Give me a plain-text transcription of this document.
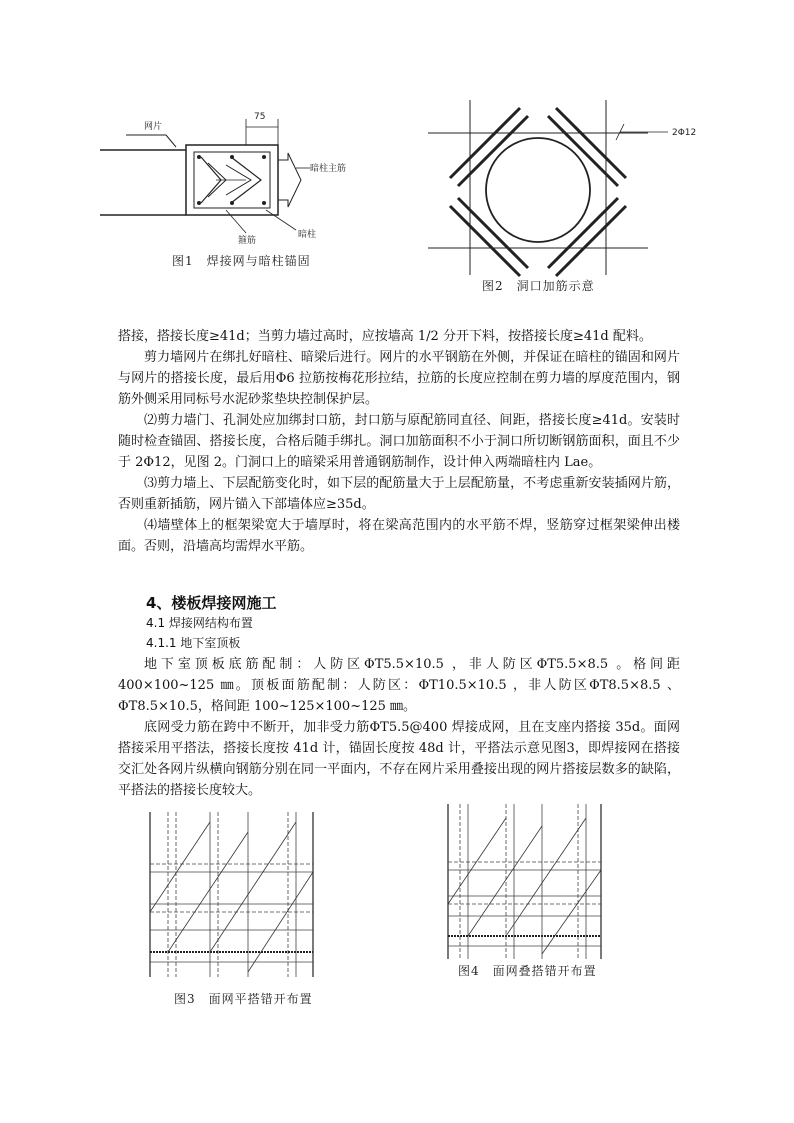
网片
75
暗柱主筋
箍筋
暗柱
图1　焊接网与暗柱锚固
2Φ12
图2　洞口加筋示意

搭接，搭接长度≥41d；当剪力墙过高时，应按墙高 1/2 分开下料，按搭接长度≥41d 配料。

剪力墙网片在绑扎好暗柱、暗梁后进行。网片的水平钢筋在外侧，并保证在暗柱的锚固和网片与网片的搭接长度，最后用Φ6 拉筋按梅花形拉结，拉筋的长度应控制在剪力墙的厚度范围内，钢筋外侧采用同标号水泥砂浆垫块控制保护层。

⑵剪力墙门、孔洞处应加绑封口筋，封口筋与原配筋同直径、间距，搭接长度≥41d。安装时随时检查锚固、搭接长度，合格后随手绑扎。洞口加筋面积不小于洞口所切断钢筋面积，面且不少于 2Φ12，见图 2。门洞口上的暗梁采用普通钢筋制作，设计伸入两端暗柱内 Lae。

⑶剪力墙上、下层配筋变化时，如下层的配筋量大于上层配筋量，不考虑重新安装插网片筋，否则重新插筋，网片锚入下部墙体应≥35d。

⑷墙壁体上的框架梁宽大于墙厚时，将在梁高范围内的水平筋不焊，竖筋穿过框架梁伸出楼面。否则，沿墙高均需焊水平筋。

4、楼板焊接网施工
4.1 焊接网结构布置
4.1.1 地下室顶板

地下室顶板底筋配制：人防区ΦT5.5×10.5 ，非人防区ΦT5.5×8.5 。格间距 400×100~125 ㎜。顶板面筋配制：人防区：ΦT10.5×10.5 ，非人防区ΦT8.5×8.5 、ΦT8.5×10.5，格间距 100~125×100~125 ㎜。

底网受力筋在跨中不断开，加非受力筋ΦT5.5@400 焊接成网，且在支座内搭接 35d。面网搭接采用平搭法，搭接长度按 41d 计，锚固长度按 48d 计，平搭法示意见图3，即焊接网在搭接交汇处各网片纵横向钢筋分别在同一平面内，不存在网片采用叠接出现的网片搭接层数多的缺陷，平搭法的搭接长度较大。

图3　面网平搭错开布置
图4　面网叠搭错开布置
